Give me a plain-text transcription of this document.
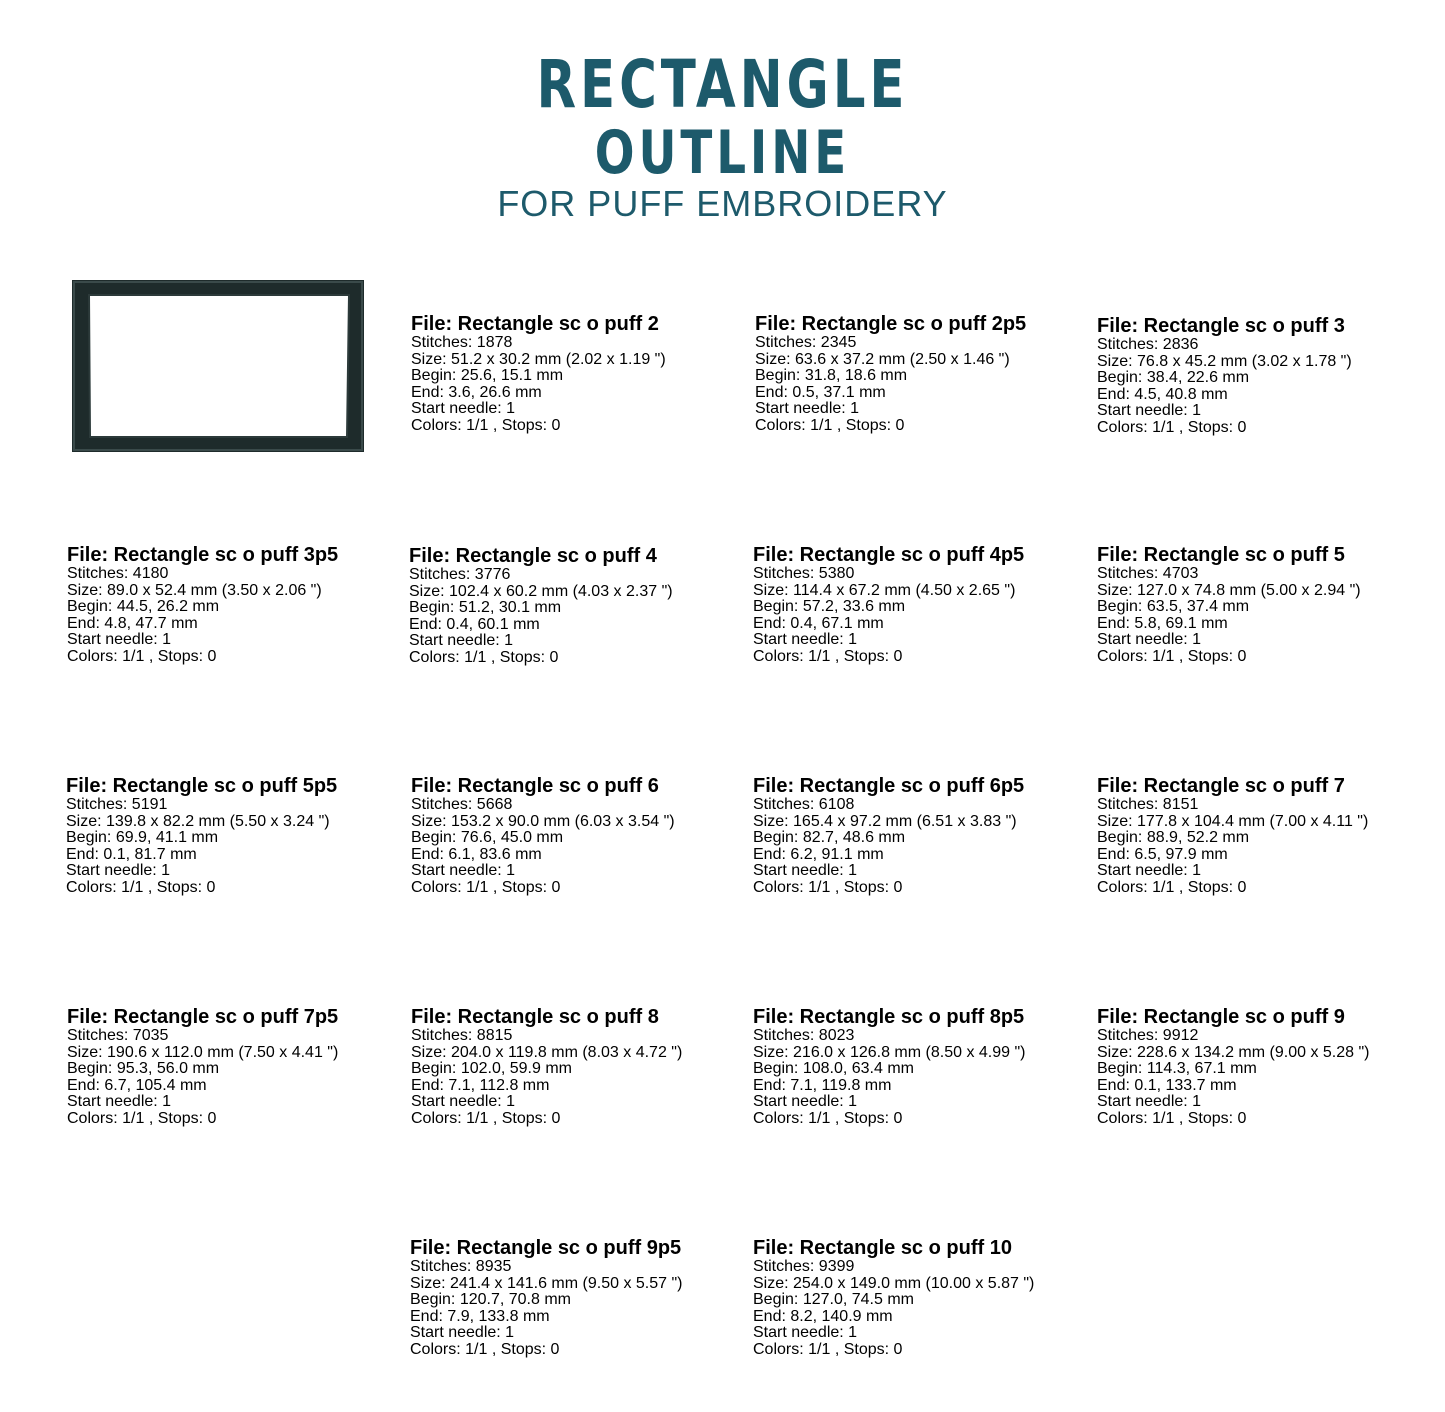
RECTANGLE
OUTLINE
FOR PUFF EMBROIDERY
File: Rectangle sc o puff 2
Stitches: 1878
Size: 51.2 x 30.2 mm (2.02 x 1.19 ")
Begin: 25.6, 15.1 mm
End: 3.6, 26.6 mm
Start needle: 1
Colors: 1/1 , Stops: 0
File: Rectangle sc o puff 2p5
Stitches: 2345
Size: 63.6 x 37.2 mm (2.50 x 1.46 ")
Begin: 31.8, 18.6 mm
End: 0.5, 37.1 mm
Start needle: 1
Colors: 1/1 , Stops: 0
File: Rectangle sc o puff 3
Stitches: 2836
Size: 76.8 x 45.2 mm (3.02 x 1.78 ")
Begin: 38.4, 22.6 mm
End: 4.5, 40.8 mm
Start needle: 1
Colors: 1/1 , Stops: 0
File: Rectangle sc o puff 3p5
Stitches: 4180
Size: 89.0 x 52.4 mm (3.50 x 2.06 ")
Begin: 44.5, 26.2 mm
End: 4.8, 47.7 mm
Start needle: 1
Colors: 1/1 , Stops: 0
File: Rectangle sc o puff 4
Stitches: 3776
Size: 102.4 x 60.2 mm (4.03 x 2.37 ")
Begin: 51.2, 30.1 mm
End: 0.4, 60.1 mm
Start needle: 1
Colors: 1/1 , Stops: 0
File: Rectangle sc o puff 4p5
Stitches: 5380
Size: 114.4 x 67.2 mm (4.50 x 2.65 ")
Begin: 57.2, 33.6 mm
End: 0.4, 67.1 mm
Start needle: 1
Colors: 1/1 , Stops: 0
File: Rectangle sc o puff 5
Stitches: 4703
Size: 127.0 x 74.8 mm (5.00 x 2.94 ")
Begin: 63.5, 37.4 mm
End: 5.8, 69.1 mm
Start needle: 1
Colors: 1/1 , Stops: 0
File: Rectangle sc o puff 5p5
Stitches: 5191
Size: 139.8 x 82.2 mm (5.50 x 3.24 ")
Begin: 69.9, 41.1 mm
End: 0.1, 81.7 mm
Start needle: 1
Colors: 1/1 , Stops: 0
File: Rectangle sc o puff 6
Stitches: 5668
Size: 153.2 x 90.0 mm (6.03 x 3.54 ")
Begin: 76.6, 45.0 mm
End: 6.1, 83.6 mm
Start needle: 1
Colors: 1/1 , Stops: 0
File: Rectangle sc o puff 6p5
Stitches: 6108
Size: 165.4 x 97.2 mm (6.51 x 3.83 ")
Begin: 82.7, 48.6 mm
End: 6.2, 91.1 mm
Start needle: 1
Colors: 1/1 , Stops: 0
File: Rectangle sc o puff 7
Stitches: 8151
Size: 177.8 x 104.4 mm (7.00 x 4.11 ")
Begin: 88.9, 52.2 mm
End: 6.5, 97.9 mm
Start needle: 1
Colors: 1/1 , Stops: 0
File: Rectangle sc o puff 7p5
Stitches: 7035
Size: 190.6 x 112.0 mm (7.50 x 4.41 ")
Begin: 95.3, 56.0 mm
End: 6.7, 105.4 mm
Start needle: 1
Colors: 1/1 , Stops: 0
File: Rectangle sc o puff 8
Stitches: 8815
Size: 204.0 x 119.8 mm (8.03 x 4.72 ")
Begin: 102.0, 59.9 mm
End: 7.1, 112.8 mm
Start needle: 1
Colors: 1/1 , Stops: 0
File: Rectangle sc o puff 8p5
Stitches: 8023
Size: 216.0 x 126.8 mm (8.50 x 4.99 ")
Begin: 108.0, 63.4 mm
End: 7.1, 119.8 mm
Start needle: 1
Colors: 1/1 , Stops: 0
File: Rectangle sc o puff 9
Stitches: 9912
Size: 228.6 x 134.2 mm (9.00 x 5.28 ")
Begin: 114.3, 67.1 mm
End: 0.1, 133.7 mm
Start needle: 1
Colors: 1/1 , Stops: 0
File: Rectangle sc o puff 9p5
Stitches: 8935
Size: 241.4 x 141.6 mm (9.50 x 5.57 ")
Begin: 120.7, 70.8 mm
End: 7.9, 133.8 mm
Start needle: 1
Colors: 1/1 , Stops: 0
File: Rectangle sc o puff 10
Stitches: 9399
Size: 254.0 x 149.0 mm (10.00 x 5.87 ")
Begin: 127.0, 74.5 mm
End: 8.2, 140.9 mm
Start needle: 1
Colors: 1/1 , Stops: 0
